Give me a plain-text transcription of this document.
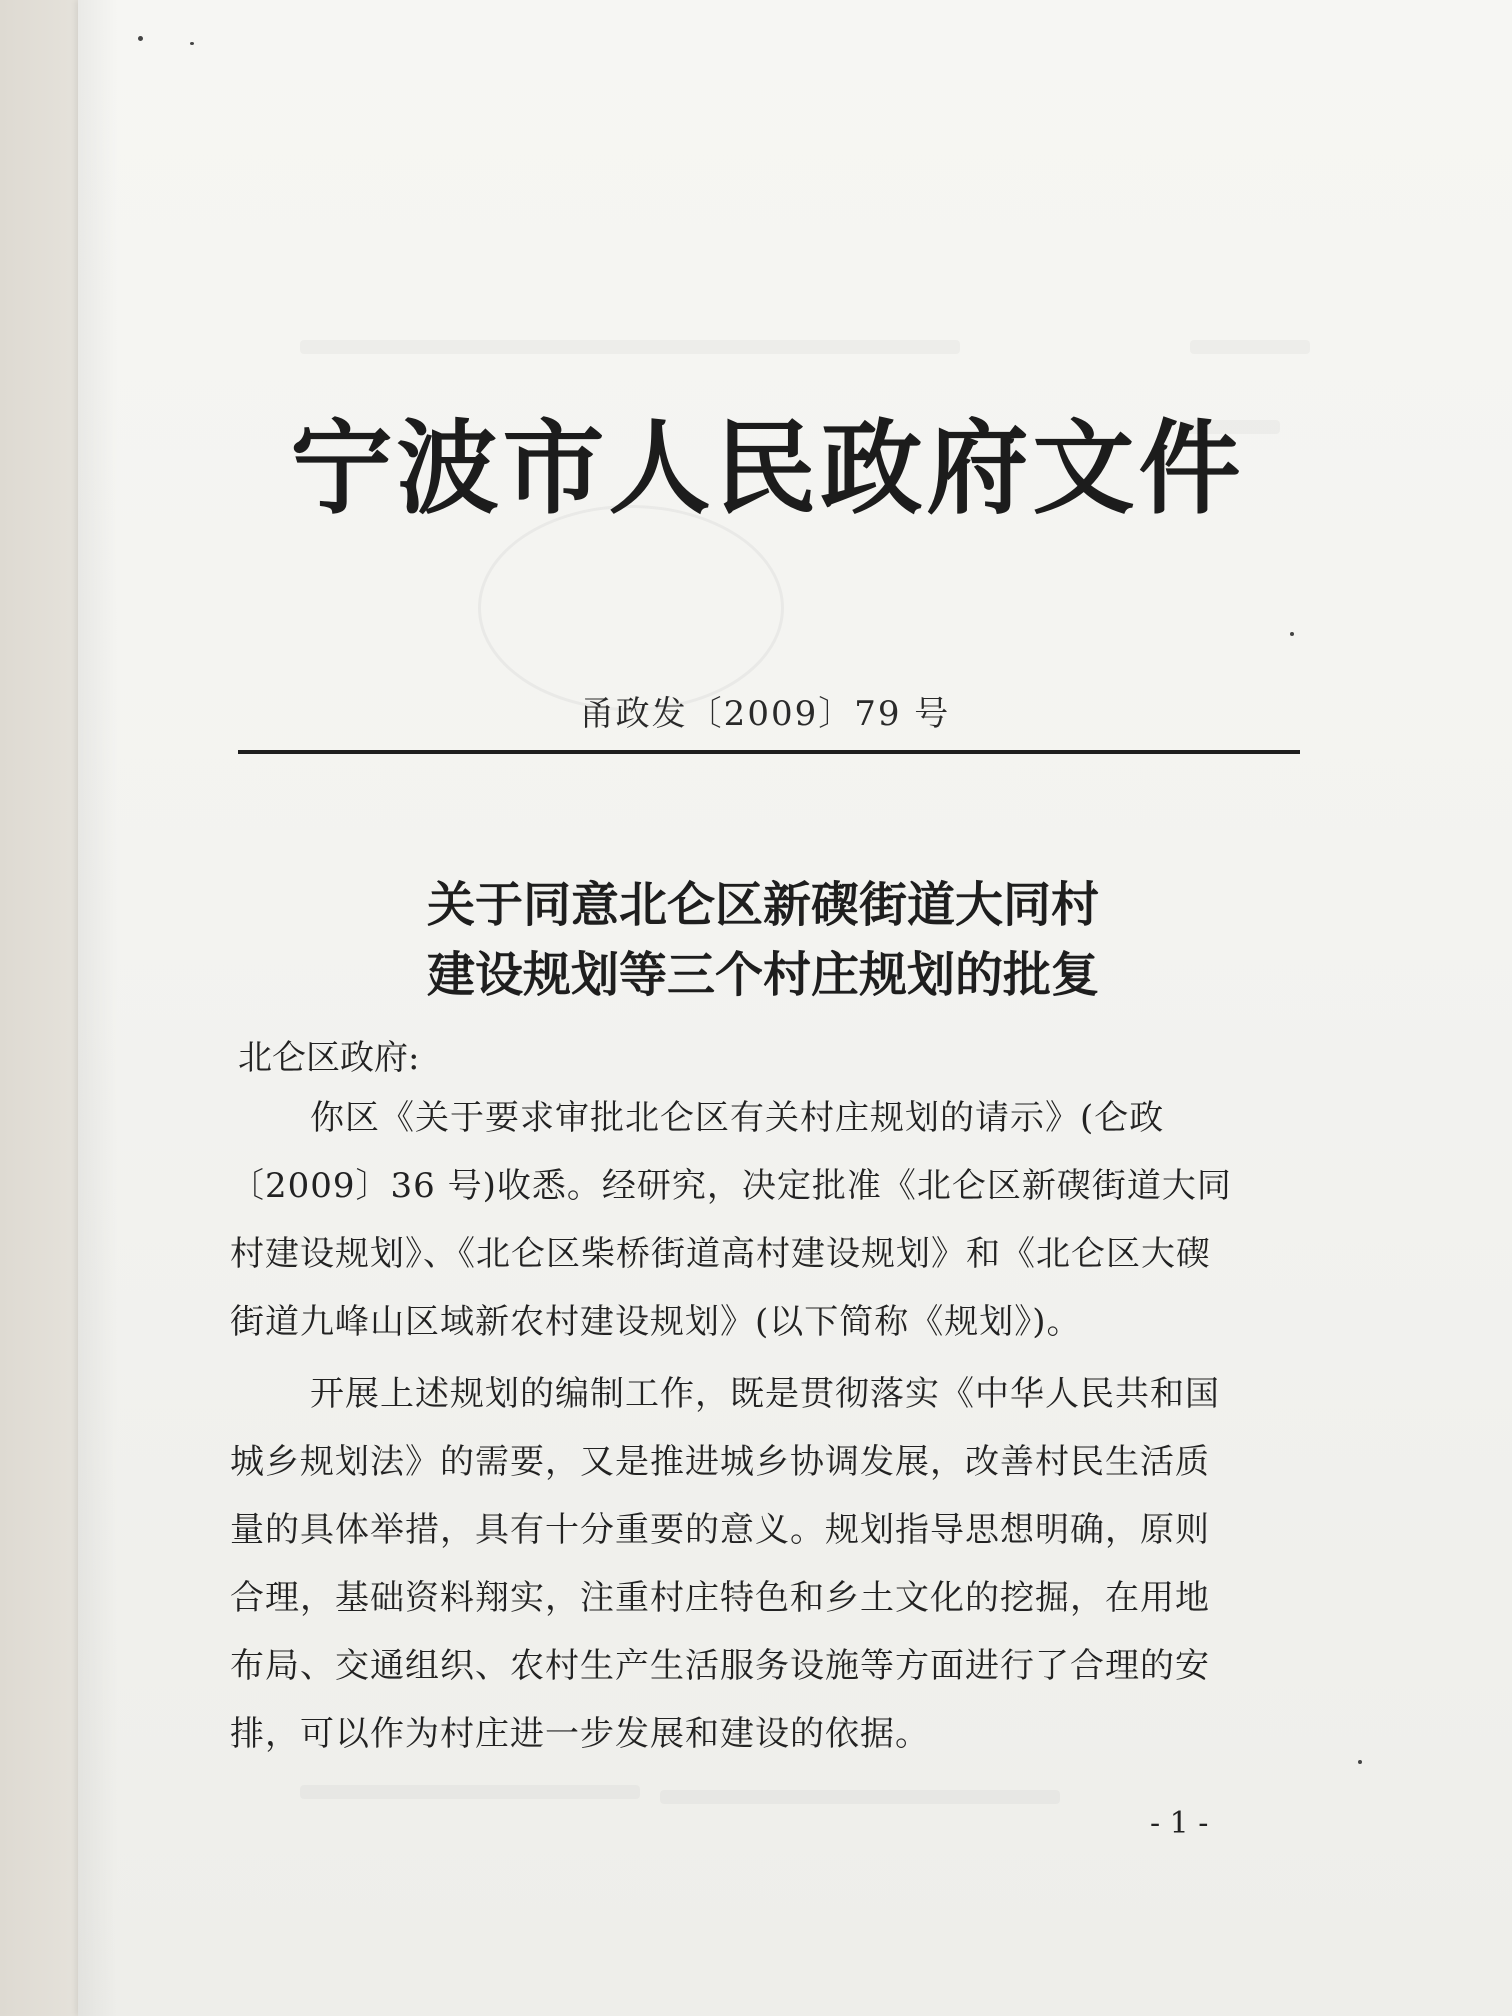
宁波市人民政府文件
甬政发〔2009〕79 号
关于同意北仑区新碶街道大同村
建设规划等三个村庄规划的批复
北仑区政府:
你区《关于要求审批北仑区有关村庄规划的请示》(仑政
〔2009〕36 号)收悉。经研究，决定批准《北仑区新碶街道大同
村建设规划》、《北仑区柴桥街道高村建设规划》和《北仑区大碶
街道九峰山区域新农村建设规划》(以下简称《规划》)。
开展上述规划的编制工作，既是贯彻落实《中华人民共和国
城乡规划法》的需要，又是推进城乡协调发展，改善村民生活质
量的具体举措，具有十分重要的意义。规划指导思想明确，原则
合理，基础资料翔实，注重村庄特色和乡土文化的挖掘，在用地
布局、交通组织、农村生产生活服务设施等方面进行了合理的安
排，可以作为村庄进一步发展和建设的依据。
- 1 -
